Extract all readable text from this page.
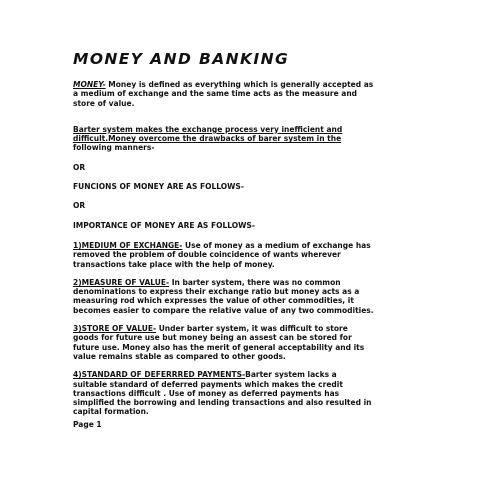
MONEY AND BANKING
MONEY- Money is defined as everything which is generally accepted as
a medium of exchange and the same time acts as the measure and
store of value.
Barter system makes the exchange process very inefficient and
difficult.Money overcome the drawbacks of barer system in the
following manners-
OR
FUNCIONS OF MONEY ARE AS FOLLOWS-
OR
IMPORTANCE OF MONEY ARE AS FOLLOWS-
1)MEDIUM OF EXCHANGE- Use of money as a medium of exchange has
removed the problem of double coincidence of wants wherever
transactions take place with the help of money.
2)MEASURE OF VALUE- In barter system, there was no common
denominations to express their exchange ratio but money acts as a
measuring rod which expresses the value of other commodities, it
becomes easier to compare the relative value of any two commodities.
3)STORE OF VALUE- Under barter system, it was difficult to store
goods for future use but money being an assest can be stored for
future use. Money also has the merit of general acceptability and its
value remains stable as compared to other goods.
4)STANDARD OF DEFERRRED PAYMENTS-Barter system lacks a
suitable standard of deferred payments which makes the credit
transactions difficult . Use of money as deferred payments has
simplified the borrowing and lending transactions and also resulted in
capital formation.
Page 1
